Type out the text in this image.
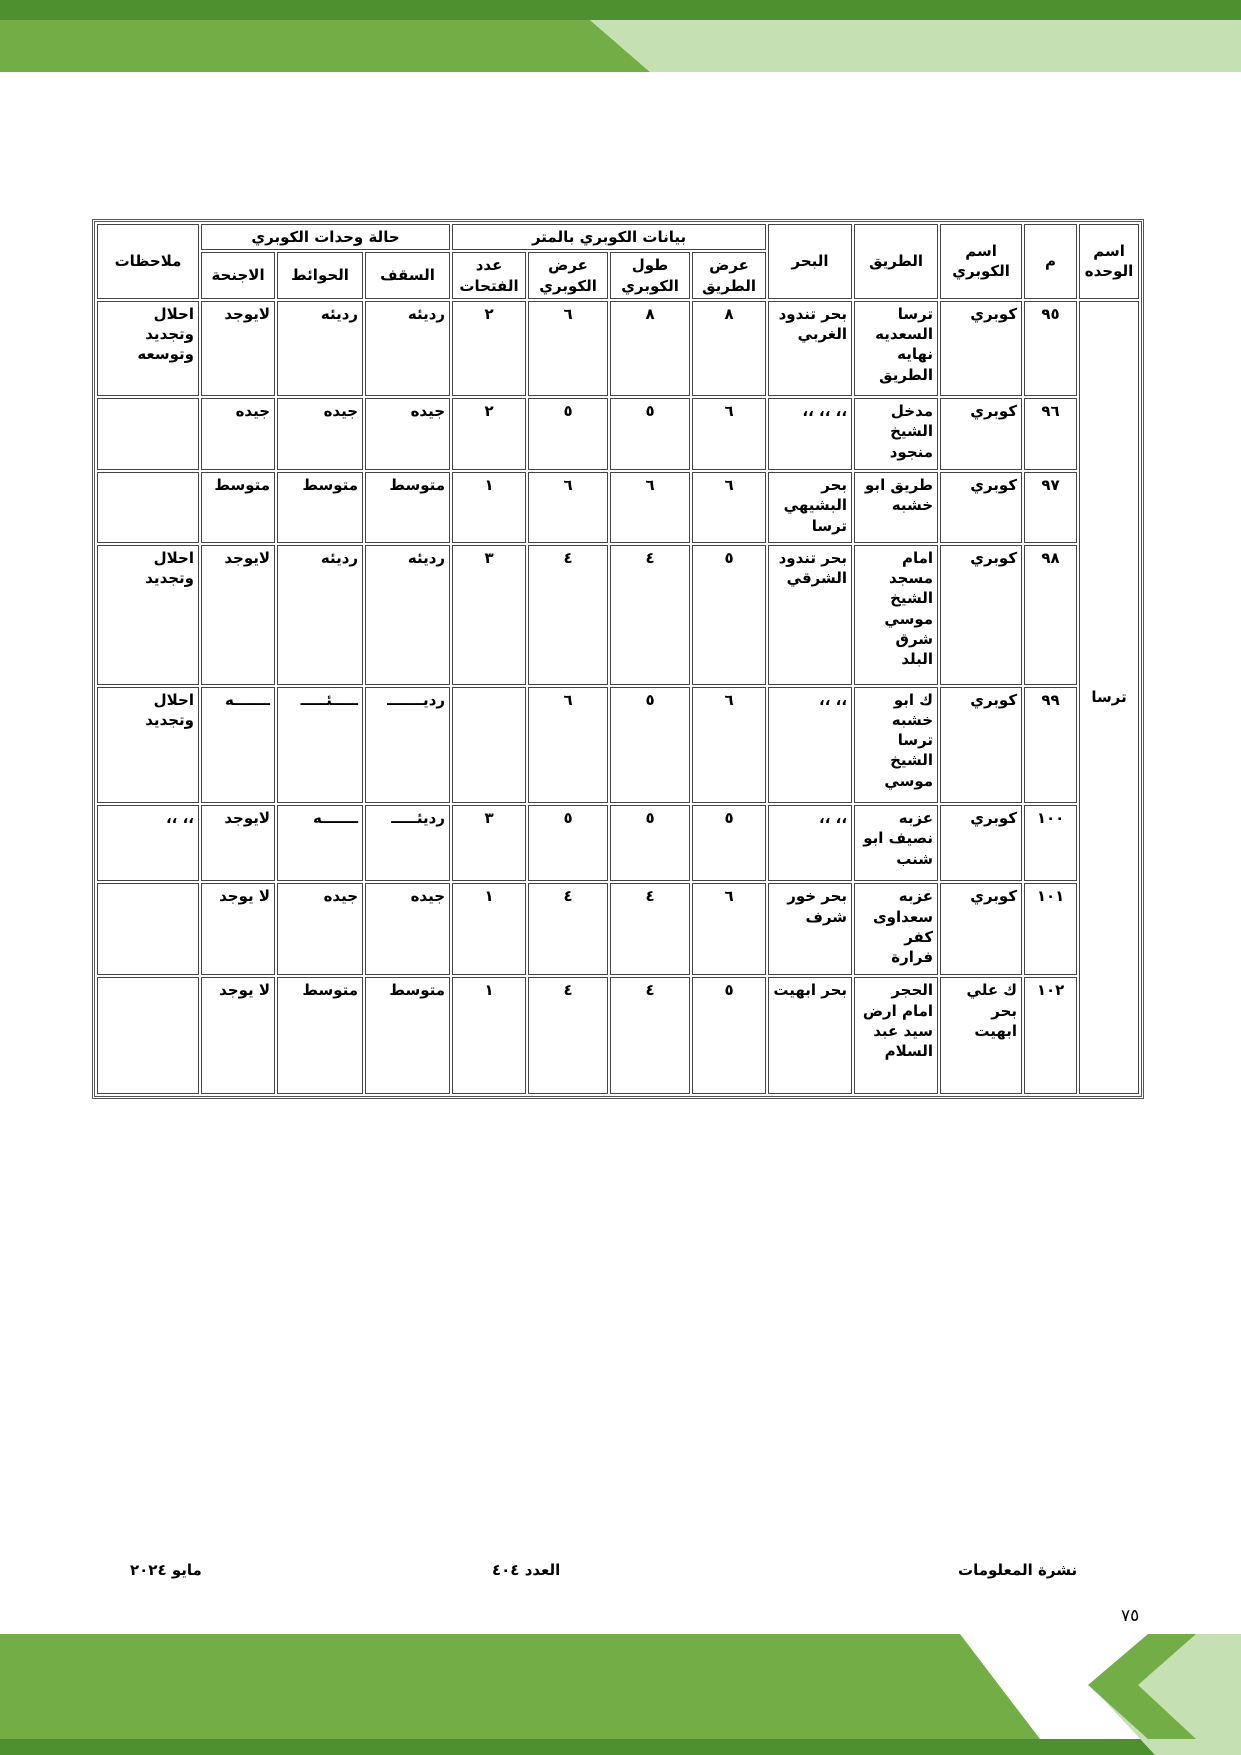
اسم الوحده	م	اسم الكوبري	الطريق	البحر	بيانات الكوبري بالمتر				حالة وحدات الكوبري			ملاحظات
					عرض الطريق	طول الكوبري	عرض الكوبري	عدد الفتحات	السقف	الحوائط	الاجنحة	
ترسا	٩٥	كوبري	ترسا السعديه نهايه الطريق	بحر تندود الغربي	٨	٨	٦	٢	رديئه	رديئه	لايوجد	احلال وتجديد وتوسعه
	٩٦	كوبري	مدخل الشيخ منجود	،، ،، ،،	٦	٥	٥	٢	جيده	جيده	جيده	
	٩٧	كوبري	طريق ابو خشبه	بحر البشيهي ترسا	٦	٦	٦	١	متوسط	متوسط	متوسط	
	٩٨	كوبري	امام مسجد الشيخ موسي شرق البلد	بحر تندود الشرقي	٥	٤	٤	٣	رديئه	رديئه	لايوجد	احلال وتجديد
	٩٩	كوبري	ك ابو خشبه ترسا الشيخ موسي	،، ،،	٦	٥	٦		رديـــــــ	ـــــئـــــ	ـــــــه	احلال وتجديد
	١٠٠	كوبري	عزبه نصيف ابو شنب	،، ،،	٥	٥	٥	٣	رديئـــــ	ـــــــه	لايوجد	،، ،،
	١٠١	كوبري	عزبه سعداوى كفر فرارة	بحر خور شرف	٦	٤	٤	١	جيده	جيده	لا يوجد	
	١٠٢	ك علي بحر ابهيت	الحجر امام ارض سيد عبد السلام	بحر ابهيت	٥	٤	٤	١	متوسط	متوسط	لا يوجد	
نشرة المعلومات
العدد ٤٠٤
مايو ٢٠٢٤
٧٥
